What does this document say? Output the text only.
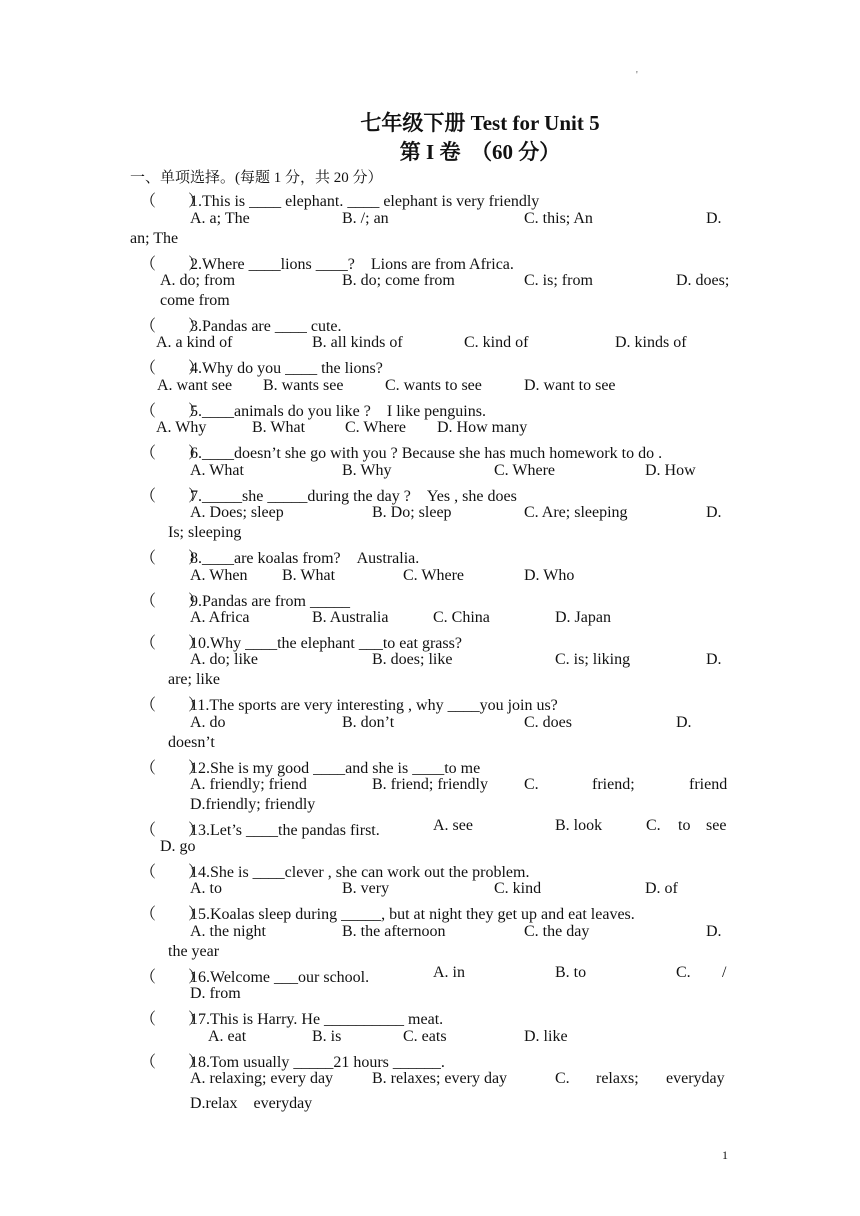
'
七年级下册 Test for Unit 5
第 I 卷　（60 分）
一、单项选择。(每题 1 分，共 20 分）
（　　）1.This is ____ elephant. ____ elephant is very friendly
A. a; The	B. /; an	C. this; An	D.
an; The
（　　）2.Where ____lions ____?　Lions are from Africa.
A. do; from	B. do; come from	C. is; from	D. does;
come from
（　　）3.Pandas are ____ cute.
A. a kind of	B. all kinds of	C. kind of	D. kinds of
（　　）4.Why do you ____ the lions?
A. want see B. wants see	C. wants to see	D. want to see
（　　）5.____animals do you like ?　I like penguins.
A. Why	B. What C. Where D. How many
（　　）6.____doesn’t she go with you ? Because she has much homework to do .
A. What	B. Why	C. Where	D. How
（　　）7._____she _____during the day ?　Yes , she does
A. Does; sleep	B. Do; sleep	C. Are; sleeping	D.
Is; sleeping
（　　）8.____are koalas from?　Australia.
A. When B. What	C. Where	D. Who
（　　）9.Pandas are from _____
A. Africa	B. Australia	C. China	D. Japan
（　　）10.Why ____the elephant ___to eat grass?
A. do; like	B. does; like	C. is; liking	D.
are; like
（　　）11.The sports are very interesting , why ____you join us?
A. do	B. don’t	C. does	D.
doesn’t
（　　）12.She is my good ____and she is ____to me
A. friendly; friend	B. friend; friendly C.	friend;	friend
D.friendly; friendly
（　　）13.Let’s ____the pandas first.	A. see	B. look	C. to see
D. go
（　　）14.She is ____clever , she can work out the problem.
A. to	B. very	C. kind	D. of
（　　）15.Koalas sleep during _____, but at night they get up and eat leaves.
A. the night	B. the afternoon	C. the day	D.
the year
（　　）16.Welcome ___our school.	A. in	B. to	C. /
D. from
（　　）17.This is Harry. He __________ meat.
A. eat	B. is	C. eats	D. like
（　　）18.Tom usually _____21 hours ______.
A. relaxing; every day B. relaxes; every day	C. relaxs; everyday
D.relax　everyday
1
